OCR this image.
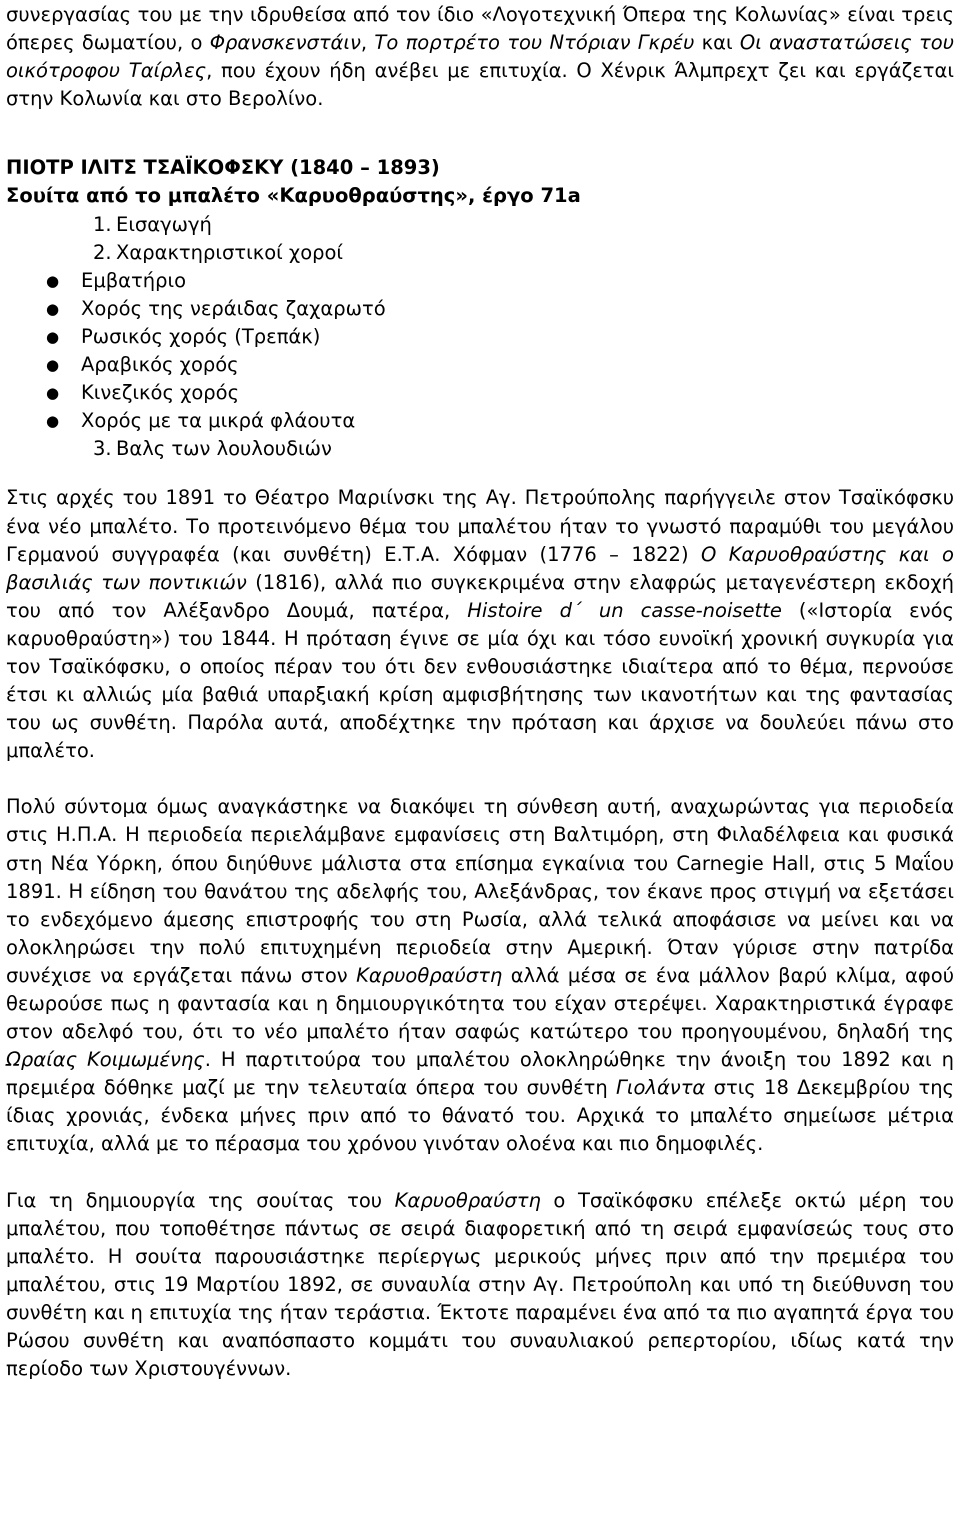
συνεργασίας του με την ιδρυθείσα από τον ίδιο «Λογοτεχνική Όπερα της Κολωνίας» είναι τρεις όπερες δωματίου, ο Φρανσκενστάιν, Το πορτρέτο του Ντόριαν Γκρέυ και Οι αναστατώσεις του οικότροφου Ταίρλες, που έχουν ήδη ανέβει με επιτυχία. Ο Χένρικ Άλμπρεχτ ζει και εργάζεται στην Κολωνία και στο Βερολίνο.

ΠΙΟΤΡ ΙΛΙΤΣ ΤΣΑΪΚΟΦΣΚΥ (1840 – 1893)
Σουίτα από το μπαλέτο «Καρυοθραύστης», έργο 71a
1. Εισαγωγή
2. Χαρακτηριστικοί χοροί
● Εμβατήριο
● Χορός της νεράιδας ζαχαρωτό
● Ρωσικός χορός (Τρεπάκ)
● Αραβικός χορός
● Κινεζικός χορός
● Χορός με τα μικρά φλάουτα
3. Βαλς των λουλουδιών

Στις αρχές του 1891 το Θέατρο Μαριίνσκι της Αγ. Πετρούπολης παρήγγειλε στον Τσαϊκόφσκυ ένα νέο μπαλέτο. Το προτεινόμενο θέμα του μπαλέτου ήταν το γνωστό παραμύθι του μεγάλου Γερμανού συγγραφέα (και συνθέτη) Ε.Τ.Α. Χόφμαν (1776 – 1822) Ο Καρυοθραύστης και ο βασιλιάς των ποντικιών (1816), αλλά πιο συγκεκριμένα στην ελαφρώς μεταγενέστερη εκδοχή του από τον Αλέξανδρο Δουμά, πατέρα, Histoire d΄ un casse-noisette («Ιστορία ενός καρυοθραύστη») του 1844. Η πρόταση έγινε σε μία όχι και τόσο ευνοϊκή χρονική συγκυρία για τον Τσαϊκόφσκυ, ο οποίος πέραν του ότι δεν ενθουσιάστηκε ιδιαίτερα από το θέμα, περνούσε έτσι κι αλλιώς μία βαθιά υπαρξιακή κρίση αμφισβήτησης των ικανοτήτων και της φαντασίας του ως συνθέτη. Παρόλα αυτά, αποδέχτηκε την πρόταση και άρχισε να δουλεύει πάνω στο μπαλέτο.

Πολύ σύντομα όμως αναγκάστηκε να διακόψει τη σύνθεση αυτή, αναχωρώντας για περιοδεία στις Η.Π.Α. Η περιοδεία περιελάμβανε εμφανίσεις στη Βαλτιμόρη, στη Φιλαδέλφεια και φυσικά στη Νέα Υόρκη, όπου διηύθυνε μάλιστα στα επίσημα εγκαίνια του Carnegie Hall, στις 5 Μαΐου 1891. Η είδηση του θανάτου της αδελφής του, Αλεξάνδρας, τον έκανε προς στιγμή να εξετάσει το ενδεχόμενο άμεσης επιστροφής του στη Ρωσία, αλλά τελικά αποφάσισε να μείνει και να ολοκληρώσει την πολύ επιτυχημένη περιοδεία στην Αμερική. Όταν γύρισε στην πατρίδα συνέχισε να εργάζεται πάνω στον Καρυοθραύστη αλλά μέσα σε ένα μάλλον βαρύ κλίμα, αφού θεωρούσε πως η φαντασία και η δημιουργικότητα του είχαν στερέψει. Χαρακτηριστικά έγραφε στον αδελφό του, ότι το νέο μπαλέτο ήταν σαφώς κατώτερο του προηγουμένου, δηλαδή της Ωραίας Κοιμωμένης. Η παρτιτούρα του μπαλέτου ολοκληρώθηκε την άνοιξη του 1892 και η πρεμιέρα δόθηκε μαζί με την τελευταία όπερα του συνθέτη Γιολάντα στις 18 Δεκεμβρίου της ίδιας χρονιάς, ένδεκα μήνες πριν από το θάνατό του. Αρχικά το μπαλέτο σημείωσε μέτρια επιτυχία, αλλά με το πέρασμα του χρόνου γινόταν ολοένα και πιο δημοφιλές.

Για τη δημιουργία της σουίτας του Καρυοθραύστη ο Τσαϊκόφσκυ επέλεξε οκτώ μέρη του μπαλέτου, που τοποθέτησε πάντως σε σειρά διαφορετική από τη σειρά εμφανίσεώς τους στο μπαλέτο. Η σουίτα παρουσιάστηκε περίεργως μερικούς μήνες πριν από την πρεμιέρα του μπαλέτου, στις 19 Μαρτίου 1892, σε συναυλία στην Αγ. Πετρούπολη και υπό τη διεύθυνση του συνθέτη και η επιτυχία της ήταν τεράστια. Έκτοτε παραμένει ένα από τα πιο αγαπητά έργα του Ρώσου συνθέτη και αναπόσπαστο κομμάτι του συναυλιακού ρεπερτορίου, ιδίως κατά την περίοδο των Χριστουγέννων.
